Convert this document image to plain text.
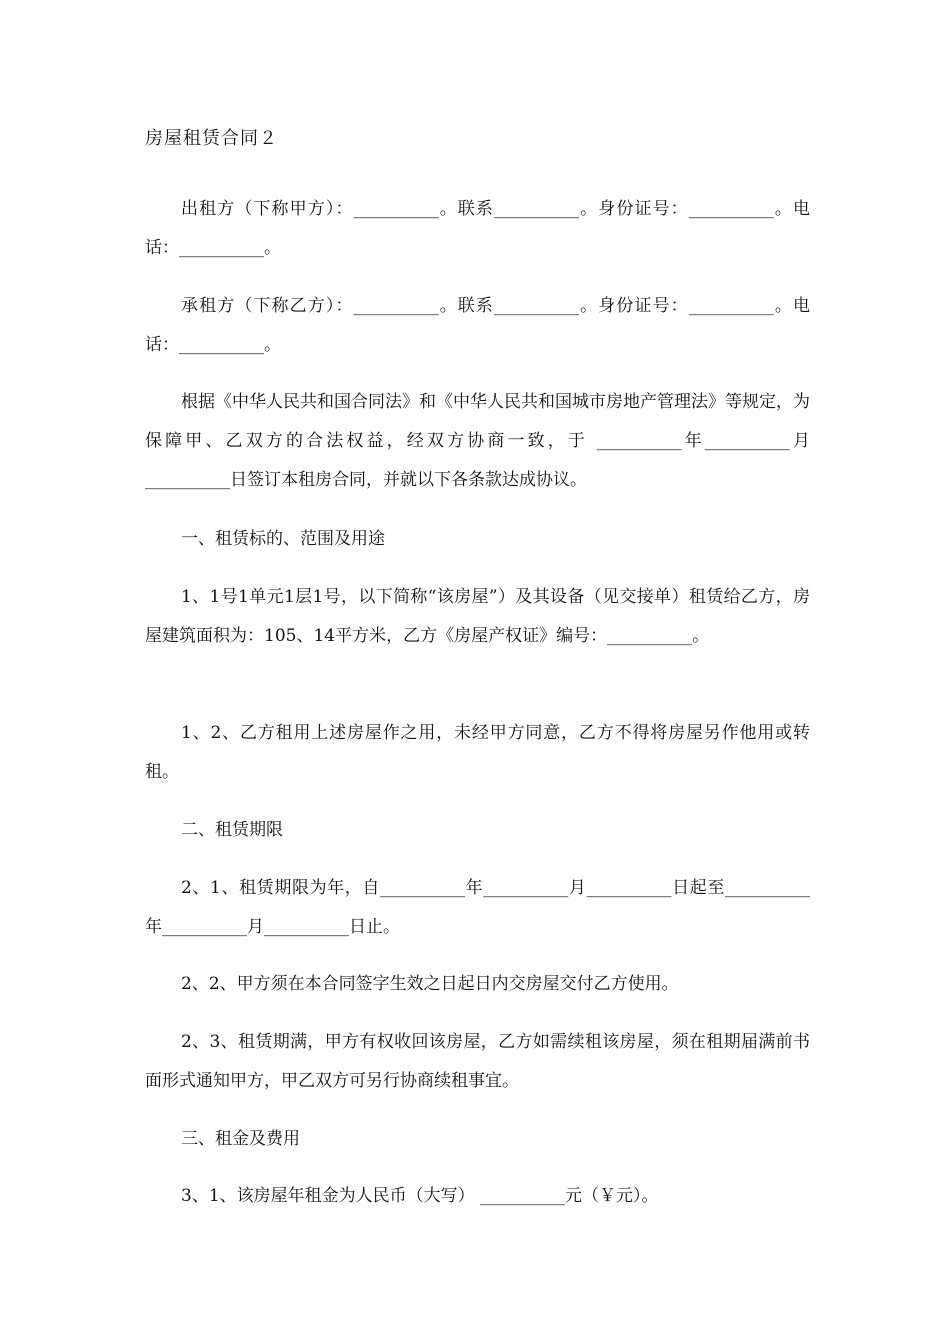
房屋租赁合同２

出租方（下称甲方）：__________。联系__________。身份证号：__________。电话：__________。

承租方（下称乙方）：__________。联系__________。身份证号：__________。电话：__________。

根据《中华人民共和国合同法》和《中华人民共和国城市房地产管理法》等规定，为保障甲、乙双方的合法权益，经双方协商一致，于 __________年__________月__________日签订本租房合同，并就以下各条款达成协议。

一、租赁标的、范围及用途

1、1号1单元1层1号，以下简称“该房屋”）及其设备（见交接单）租赁给乙方，房屋建筑面积为：105、14平方米，乙方《房屋产权证》编号：__________。

1、2、乙方租用上述房屋作之用，未经甲方同意，乙方不得将房屋另作他用或转租。

二、租赁期限

2、1、租赁期限为年，自__________年__________月__________日起至__________年__________月__________日止。

2、2、甲方须在本合同签字生效之日起日内交房屋交付乙方使用。

2、3、租赁期满，甲方有权收回该房屋，乙方如需续租该房屋，须在租期届满前书面形式通知甲方，甲乙双方可另行协商续租事宜。

三、租金及费用

3、1、该房屋年租金为人民币（大写） __________元（￥元）。
